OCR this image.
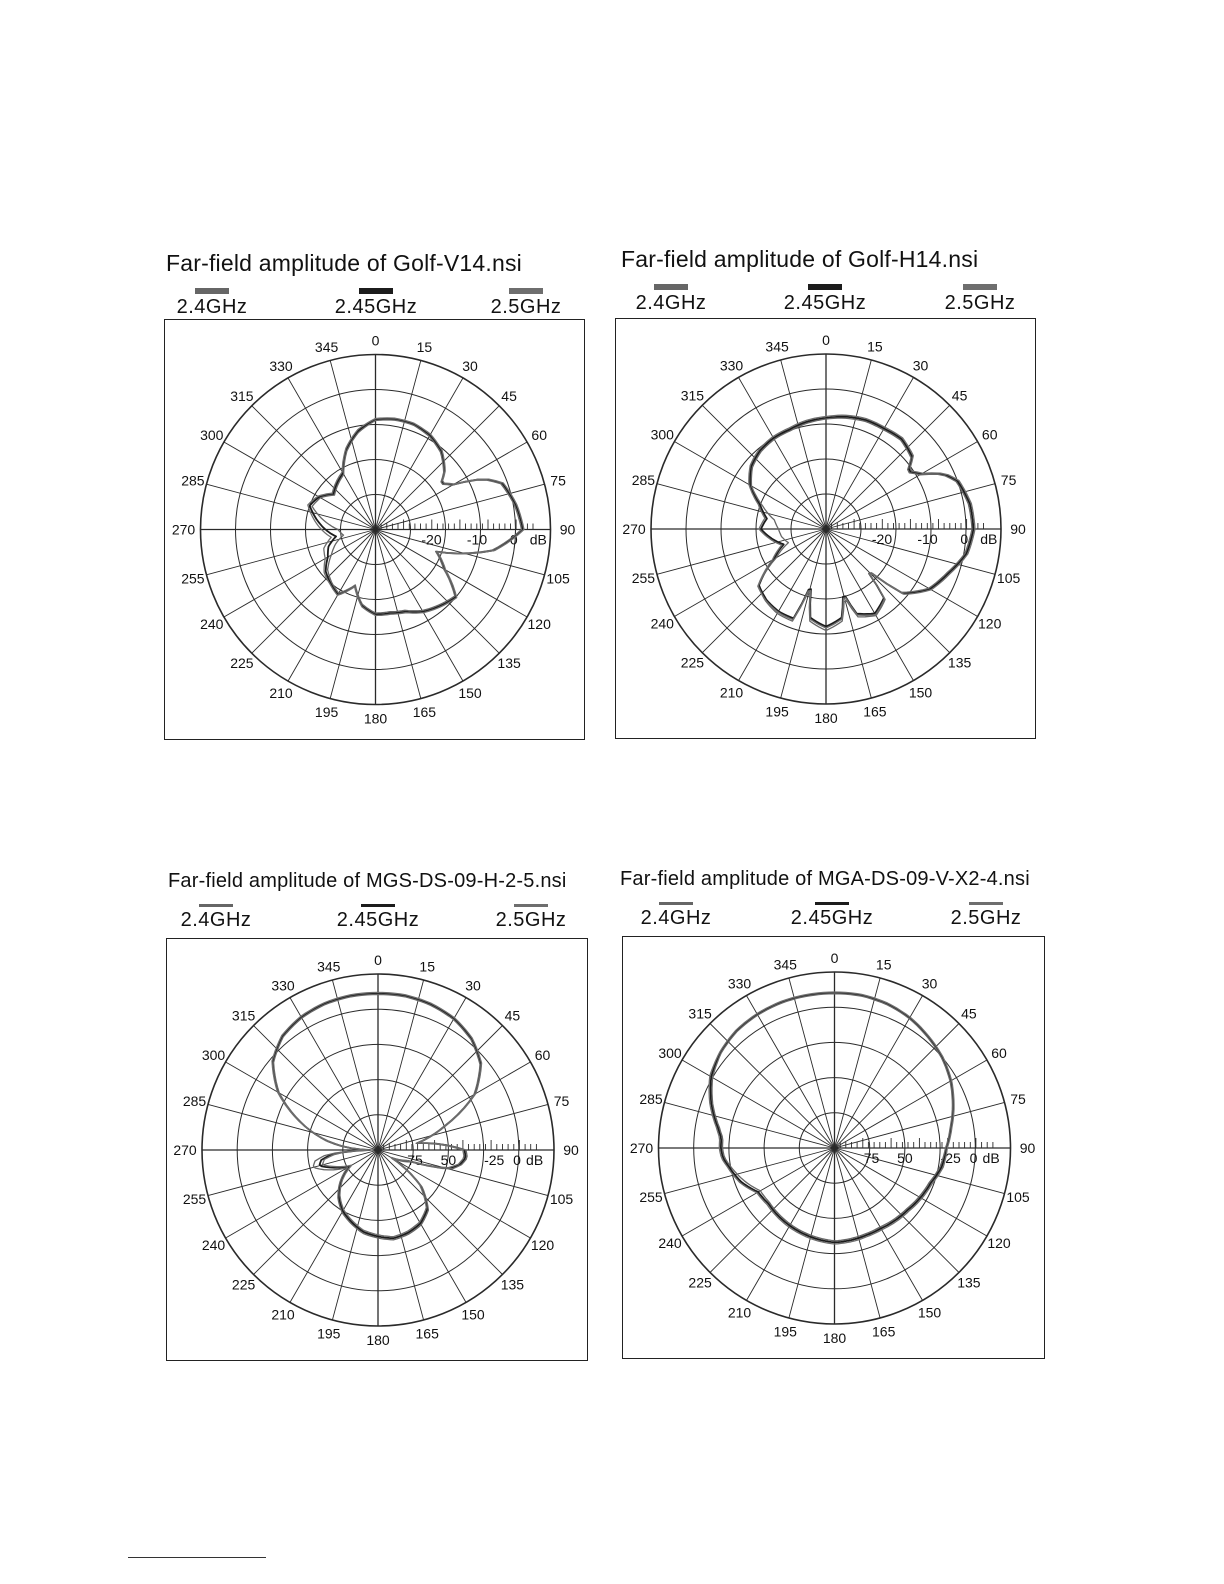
Far-field amplitude of Golf-V14.nsi
2.4GHz	2.45GHz	2.5GHz
0	15
30
45
60
75
90
105
120
135
150
165
180
195
210
225
240
255
270
285
300
315
330
345
-20 -10 0 dB
Far-field amplitude of Golf-H14.nsi
2.4GHz	2.45GHz	2.5GHz
0	15
30
45
60
75
90
105
120
135
150
165
180
195
210
225
240
255
270
285
300
315
330
345
-20 -10 0 dB
Far-field amplitude of MGS-DS-09-H-2-5.nsi
2.4GHz	2.45GHz	2.5GHz
0	15
30
45
60
75
90
105
120
135
150
165
180
195
210
225
240
255
270
285
300
315
330
345
75 50 -25 0 dB
Far-field amplitude of MGA-DS-09-V-X2-4.nsi
2.4GHz	2.45GHz	2.5GHz
0	15
30
45
60
75
90
105
120
135
150
165
180
195
210
225
240
255
270
285
300
315
330
345
75 50 -25 0 dB
